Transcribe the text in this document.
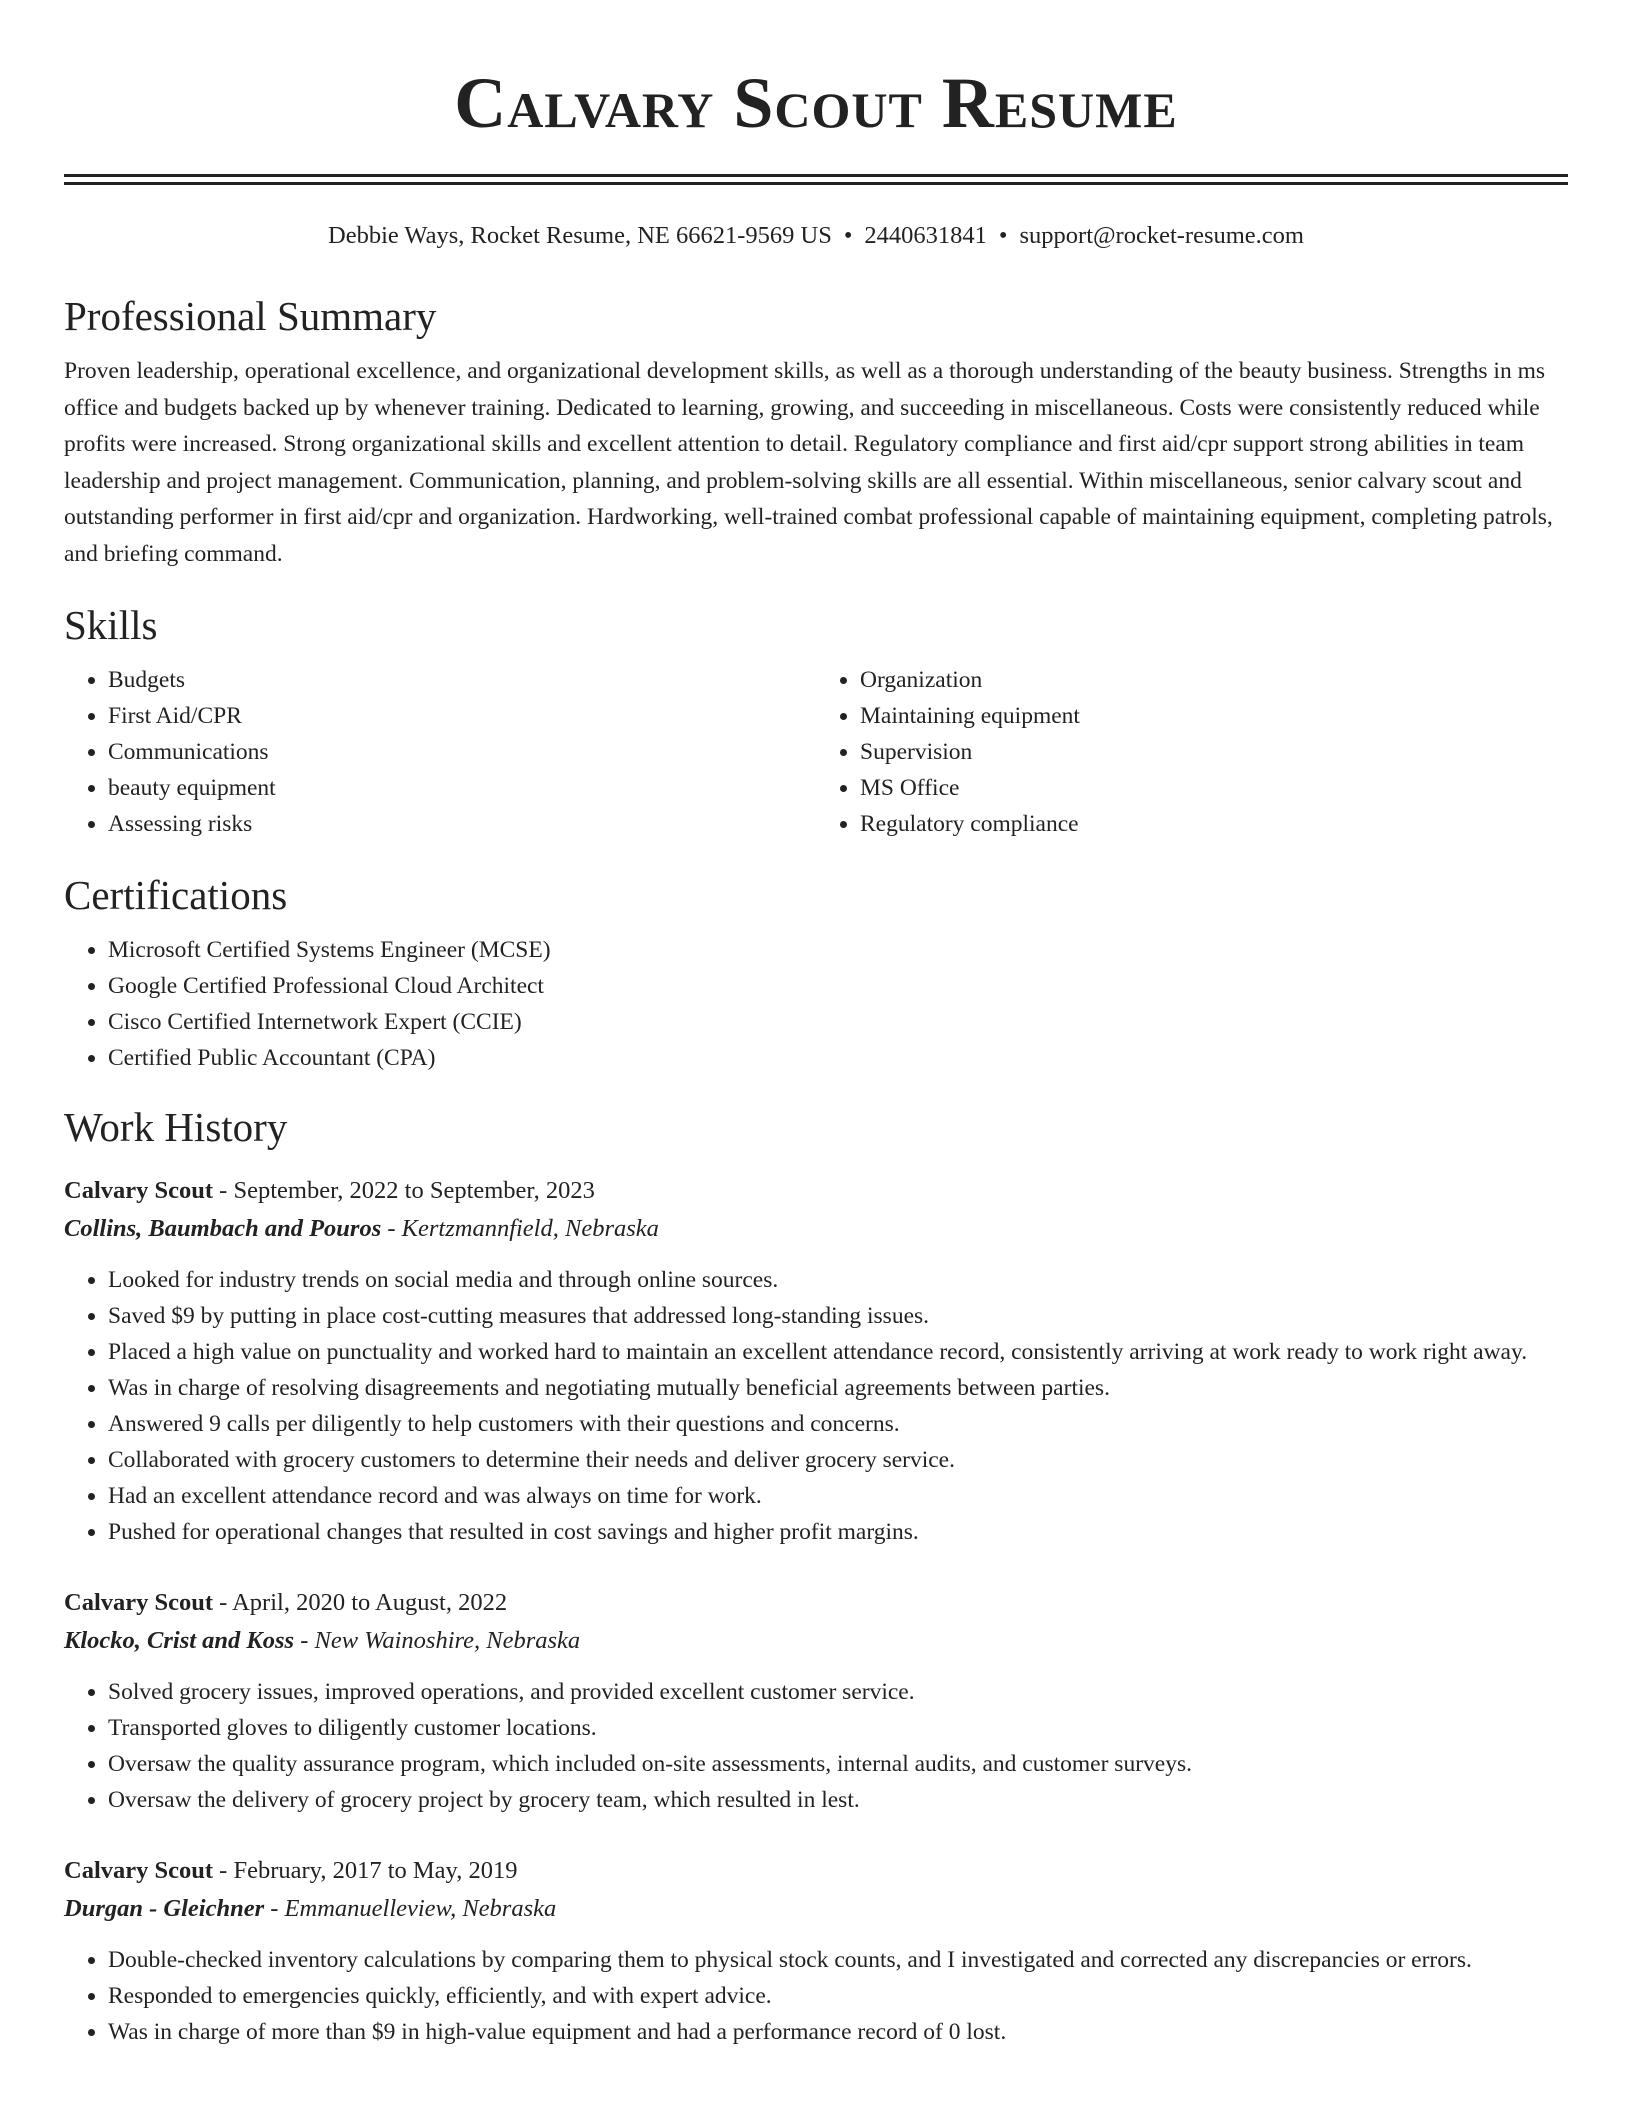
Calvary Scout Resume
Debbie Ways, Rocket Resume, NE 66621-9569 US • 2440631841 • support@rocket-resume.com
Professional Summary

Proven leadership, operational excellence, and organizational development skills, as well as a thorough understanding of the beauty business. Strengths in ms office and budgets backed up by whenever training. Dedicated to learning, growing, and succeeding in miscellaneous. Costs were consistently reduced while profits were increased. Strong organizational skills and excellent attention to detail. Regulatory compliance and first aid/cpr support strong abilities in team leadership and project management. Communication, planning, and problem-solving skills are all essential. Within miscellaneous, senior calvary scout and outstanding performer in first aid/cpr and organization. Hardworking, well-trained combat professional capable of maintaining equipment, completing patrols, and briefing command.

Skills
• Budgets
• First Aid/CPR
• Communications
• beauty equipment
• Assessing risks
• Organization
• Maintaining equipment
• Supervision
• MS Office
• Regulatory compliance
Certifications
• Microsoft Certified Systems Engineer (MCSE)
• Google Certified Professional Cloud Architect
• Cisco Certified Internetwork Expert (CCIE)
• Certified Public Accountant (CPA)
Work History
Calvary Scout - September, 2022 to September, 2023
Collins, Baumbach and Pouros - Kertzmannfield, Nebraska
• Looked for industry trends on social media and through online sources.
• Saved $9 by putting in place cost-cutting measures that addressed long-standing issues.
• Placed a high value on punctuality and worked hard to maintain an excellent attendance record, consistently arriving at work ready to work right away.
• Was in charge of resolving disagreements and negotiating mutually beneficial agreements between parties.
• Answered 9 calls per diligently to help customers with their questions and concerns.
• Collaborated with grocery customers to determine their needs and deliver grocery service.
• Had an excellent attendance record and was always on time for work.
• Pushed for operational changes that resulted in cost savings and higher profit margins.
Calvary Scout - April, 2020 to August, 2022
Klocko, Crist and Koss - New Wainoshire, Nebraska
• Solved grocery issues, improved operations, and provided excellent customer service.
• Transported gloves to diligently customer locations.
• Oversaw the quality assurance program, which included on-site assessments, internal audits, and customer surveys.
• Oversaw the delivery of grocery project by grocery team, which resulted in lest.
Calvary Scout - February, 2017 to May, 2019
Durgan - Gleichner - Emmanuelleview, Nebraska
• Double-checked inventory calculations by comparing them to physical stock counts, and I investigated and corrected any discrepancies or errors.
• Responded to emergencies quickly, efficiently, and with expert advice.
• Was in charge of more than $9 in high-value equipment and had a performance record of 0 lost.
